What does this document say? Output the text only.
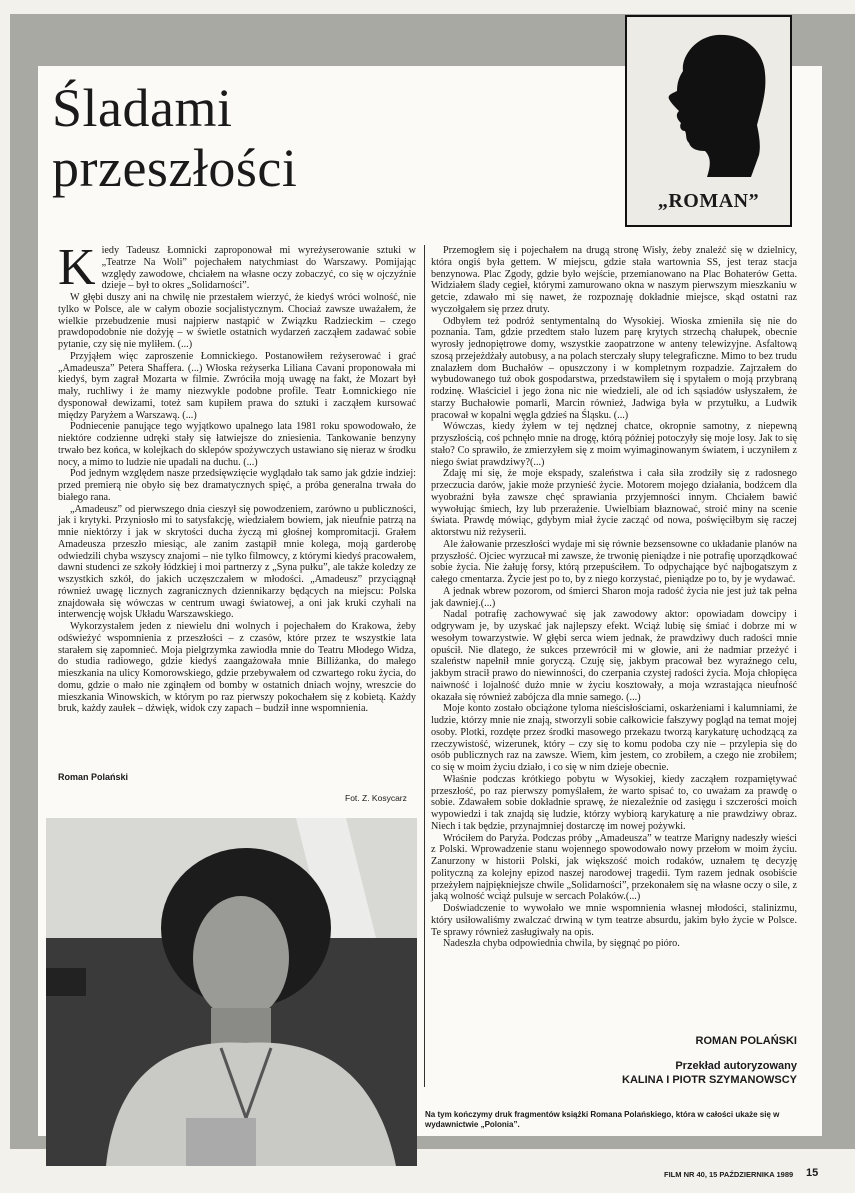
Śladami
przeszłości
„ROMAN”

Kiedy Tadeusz Łomnicki zaproponował mi wyreżyserowanie sztuki w „Teatrze Na Woli” pojechałem natychmiast do Warszawy. Pomijając względy zawodowe, chciałem na własne oczy zobaczyć, co się w ojczyźnie dzieje – był to okres „Solidarności”.

W głębi duszy ani na chwilę nie przestałem wierzyć, że kiedyś wróci wolność, nie tylko w Polsce, ale w całym obozie socjalistycznym. Chociaż zawsze uważałem, że wielkie przebudzenie musi najpierw nastąpić w Związku Radzieckim – czego prawdopodobnie nie dożyję – w świetle ostatnich wydarzeń zacząłem zadawać sobie pytanie, czy się nie myliłem. (...)

Przyjąłem więc zaproszenie Łomnickiego. Postanowiłem reżyserować i grać „Amadeusza” Petera Shaffera. (...) Włoska reżyserka Liliana Cavani proponowała mi kiedyś, bym zagrał Mozarta w filmie. Zwróciła moją uwagę na fakt, że Mozart był mały, ruchliwy i że mamy niezwykle podobne profile. Teatr Łomnickiego nie dysponował dewizami, toteż sam kupiłem prawa do sztuki i zacząłem kursować między Paryżem a Warszawą. (...)

Podniecenie panujące tego wyjątkowo upalnego lata 1981 roku spowodowało, że niektóre codzienne udręki stały się łatwiejsze do zniesienia. Tankowanie benzyny trwało bez końca, w kolejkach do sklepów spożywczych ustawiano się nieraz w środku nocy, a mimo to ludzie nie upadali na duchu. (...)

Pod jednym względem nasze przedsięwzięcie wyglądało tak samo jak gdzie indziej: przed premierą nie obyło się bez dramatycznych spięć, a próba generalna trwała do białego rana.

„Amadeusz” od pierwszego dnia cieszył się powodzeniem, zarówno u publiczności, jak i krytyki. Przyniosło mi to satysfakcję, wiedziałem bowiem, jak nieufnie patrzą na mnie niektórzy i jak w skrytości ducha życzą mi głośnej kompromitacji. Grałem Amadeusza przeszło miesiąc, ale zanim zastąpił mnie kolega, moją garderobę odwiedzili chyba wszyscy znajomi – nie tylko filmowcy, z którymi kiedyś pracowałem, dawni studenci ze szkoły łódzkiej i moi partnerzy z „Syna pułku”, ale także koledzy ze wszystkich szkół, do jakich uczęszczałem w młodości. „Amadeusz” przyciągnął również uwagę licznych zagranicznych dziennikarzy będących na miejscu: Polska znajdowała się wówczas w centrum uwagi światowej, a oni jak kruki czyhali na interwencję wojsk Układu Warszawskiego.

Wykorzystałem jeden z niewielu dni wolnych i pojechałem do Krakowa, żeby odświeżyć wspomnienia z przeszłości – z czasów, które przez te wszystkie lata starałem się zapomnieć. Moja pielgrzymka zawiodła mnie do Teatru Młodego Widza, do studia radiowego, gdzie kiedyś zaangażowała mnie Billiżanka, do małego mieszkania na ulicy Komorowskiego, gdzie przebywałem od czwartego roku życia, do domu, gdzie o mało nie zginąłem od bomby w ostatnich dniach wojny, wreszcie do mieszkania Winowskich, w którym po raz pierwszy pokochałem się z kobietą. Każdy bruk, każdy zaułek – dźwięk, widok czy zapach – budził inne wspomnienia.

Roman Polański
Fot. Z. Kosycarz

Przemogłem się i pojechałem na drugą stronę Wisły, żeby znaleźć się w dzielnicy, która ongiś była gettem. W miejscu, gdzie stała wartownia SS, jest teraz stacja benzynowa. Plac Zgody, gdzie było wejście, przemianowano na Plac Bohaterów Getta. Widziałem ślady cegieł, którymi zamurowano okna w naszym pierwszym mieszkaniu w getcie, zdawało mi się nawet, że rozpoznaję dokładnie miejsce, skąd ostatni raz wyczołgałem się przez druty.

Odbyłem też podróż sentymentalną do Wysokiej. Wioska zmieniła się nie do poznania. Tam, gdzie przedtem stało luzem parę krytych strzechą chałupek, obecnie wyrosły jednopiętrowe domy, wszystkie zaopatrzone w anteny telewizyjne. Asfaltową szosą przejeżdżały autobusy, a na polach sterczały słupy telegraficzne. Mimo to bez trudu znalazłem dom Buchałów – opuszczony i w kompletnym rozpadzie. Zajrzałem do wybudowanego tuż obok gospodarstwa, przedstawiłem się i spytałem o moją przybraną rodzinę. Właściciel i jego żona nic nie wiedzieli, ale od ich sąsiadów usłyszałem, że starzy Buchałowie pomarli, Marcin również, Jadwiga była w przytułku, a Ludwik pracował w kopalni węgla gdzieś na Śląsku. (...)

Wówczas, kiedy żyłem w tej nędznej chatce, okropnie samotny, z niepewną przyszłością, coś pchnęło mnie na drogę, którą później potoczyły się moje losy. Jak to się stało? Co sprawiło, że zmierzyłem się z moim wyimaginowanym światem, i uczyniłem z niego świat prawdziwy?(...)

Zdaję mi się, że moje ekspady, szaleństwa i cała siła zrodziły się z radosnego przeczucia darów, jakie może przynieść życie. Motorem mojego działania, bodźcem dla wyobraźni była zawsze chęć sprawiania przyjemności innym. Chciałem bawić wywołując śmiech, łzy lub przerażenie. Uwielbiam błaznować, stroić miny na scenie świata. Prawdę mówiąc, gdybym miał życie zacząć od nowa, poświęciłbym się raczej aktorstwu niż reżyserii.

Ale żałowanie przeszłości wydaje mi się równie bezsensowne co układanie planów na przyszłość. Ojciec wyrzucał mi zawsze, że trwonię pieniądze i nie potrafię uporządkować sobie życia. Nie żałuję forsy, którą przepuściłem. To odpychające być najbogatszym z całego cmentarza. Życie jest po to, by z niego korzystać, pieniądze po to, by je wydawać.

A jednak wbrew pozorom, od śmierci Sharon moja radość życia nie jest już tak pełna jak dawniej.(...)

Nadal potrafię zachowywać się jak zawodowy aktor: opowiadam dowcipy i odgrywam je, by uzyskać jak najlepszy efekt. Wciąż lubię się śmiać i dobrze mi w wesołym towarzystwie. W głębi serca wiem jednak, że prawdziwy duch radości mnie opuścił. Nie dlatego, że sukces przewrócił mi w głowie, ani że nadmiar przeżyć i szaleństw napełnił mnie goryczą. Czuję się, jakbym pracował bez wyraźnego celu, jakbym stracił prawo do niewinności, do czerpania czystej radości życia. Moja chłopięca naiwność i lojalność dużo mnie w życiu kosztowały, a moja wzrastająca nieufność okazała się również zabójcza dla mnie samego. (...)

Moje konto zostało obciążone tyloma nieścisłościami, oskarżeniami i kalumniami, że ludzie, którzy mnie nie znają, stworzyli sobie całkowicie fałszywy pogląd na temat mojej osoby. Plotki, rozdęte przez środki masowego przekazu tworzą karykaturę uchodzącą za rzeczywistość, wizerunek, który – czy się to komu podoba czy nie – przylepia się do osób publicznych raz na zawsze. Wiem, kim jestem, co zrobiłem, a czego nie zrobiłem; co się w moim życiu działo, i co się w nim dzieje obecnie.

Właśnie podczas krótkiego pobytu w Wysokiej, kiedy zacząłem rozpamiętywać przeszłość, po raz pierwszy pomyślałem, że warto spisać to, co uważam za prawdę o sobie. Zdawałem sobie dokładnie sprawę, że niezależnie od zasięgu i szczerości moich wypowiedzi i tak znajdą się ludzie, którzy wybiorą karykaturę a nie prawdziwy obraz. Niech i tak będzie, przynajmniej dostarczę im nowej pożywki.

Wróciłem do Paryża. Podczas próby „Amadeusza” w teatrze Marigny nadeszły wieści z Polski. Wprowadzenie stanu wojennego spowodowało nowy przełom w moim życiu. Zanurzony w historii Polski, jak większość moich rodaków, uznałem tę decyzję polityczną za kolejny epizod naszej narodowej tragedii. Tym razem jednak osobiście przeżyłem najpiękniejsze chwile „Solidarności”, przekonałem się na własne oczy o sile, z jaką wolność wciąż pulsuje w sercach Polaków.(...)

Doświadczenie to wywołało we mnie wspomnienia własnej młodości, stalinizmu, który usiłowaliśmy zwalczać drwiną w tym teatrze absurdu, jakim było życie w Polsce. Te sprawy również zasługiwały na opis.

Nadeszła chyba odpowiednia chwila, by sięgnąć po pióro.

ROMAN POLAŃSKI
Przekład autoryzowany
KALINA I PIOTR SZYMANOWSCY
Na tym kończymy druk fragmentów książki Romana Polańskiego, która w całości ukaże się w wydawnictwie „Polonia”.
FILM NR 40, 15 PAŹDZIERNIKA 1989 15
